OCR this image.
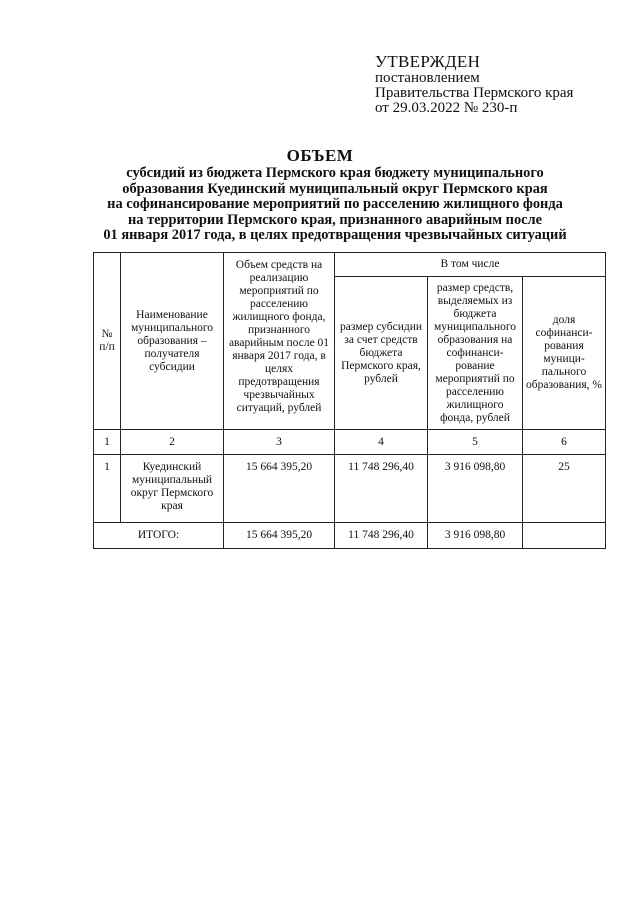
УТВЕРЖДЕН
постановлением
Правительства Пермского края
от 29.03.2022 № 230-п
ОБЪЕМ
субсидий из бюджета Пермского края бюджету муниципального
образования Куединский муниципальный округ Пермского края
на софинансирование мероприятий по расселению жилищного фонда
на территории Пермского края, признанного аварийным после
01 января 2017 года, в целях предотвращения чрезвычайных ситуаций
№ п/п	Наименование муниципального образования – получателя субсидии	Объем средств на реализацию мероприятий по расселению жилищного фонда, признанного аварийным после 01 января 2017 года, в целях предотвращения чрезвычайных ситуаций, рублей	В том числе		
			размер субсидии за счет средств бюджета Пермского края, рублей	размер средств, выделяемых из бюджета муниципального образования на софинанси-рование мероприятий по расселению жилищного фонда, рублей	доля софинанси-рования муници-пального образования, %
1	2	3	4	5	6
1	Куединский муниципальный округ Пермского края	15 664 395,20	11 748 296,40	3 916 098,80	25
ИТОГО:		15 664 395,20	11 748 296,40	3 916 098,80	
